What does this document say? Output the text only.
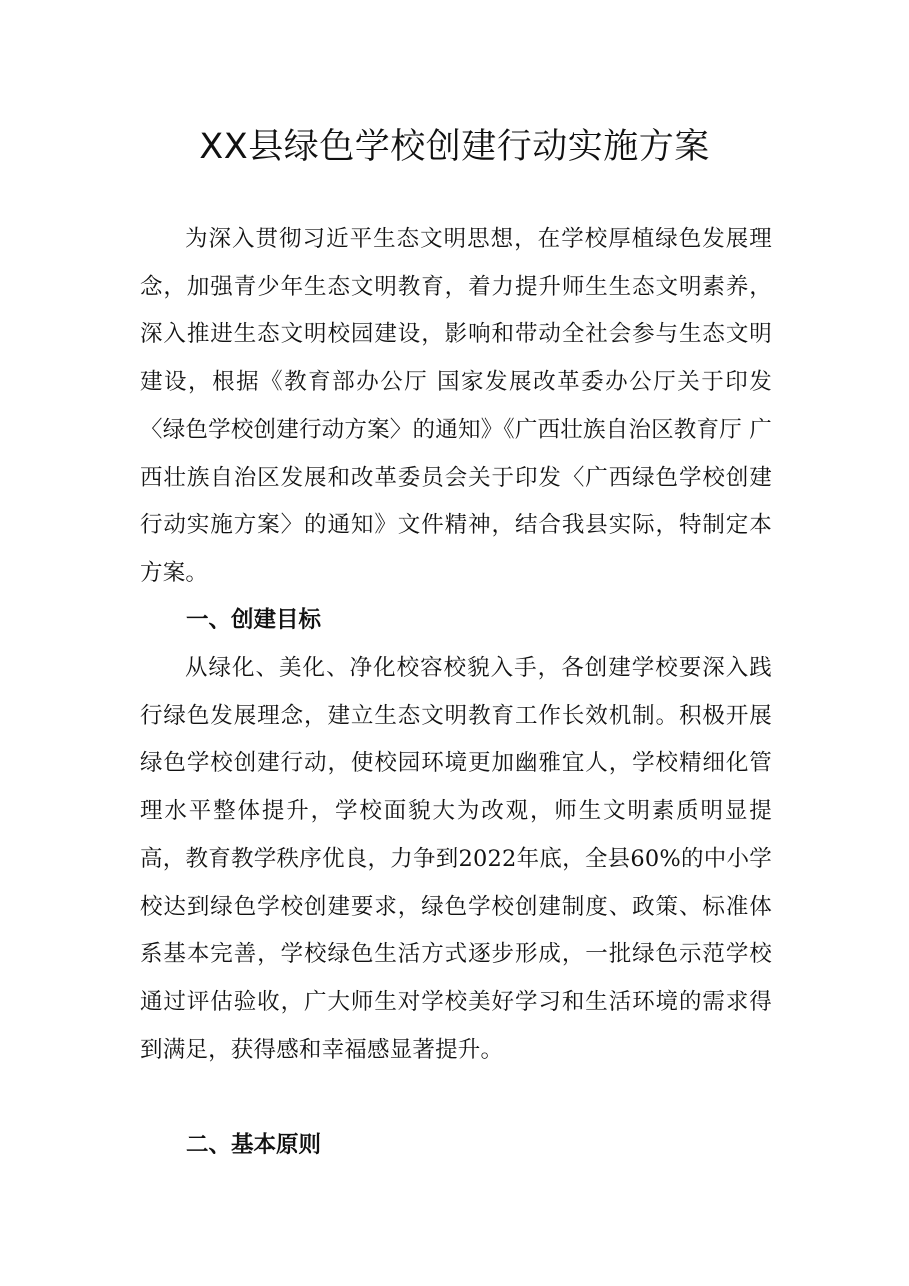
XX县绿色学校创建行动实施方案

为深入贯彻习近平生态文明思想，在学校厚植绿色发展理念，加强青少年生态文明教育，着力提升师生生态文明素养，深入推进生态文明校园建设，影响和带动全社会参与生态文明建设，根据《教育部办公厅 国家发展改革委办公厅关于印发〈绿色学校创建行动方案〉的通知》《广西壮族自治区教育厅 广西壮族自治区发展和改革委员会关于印发〈广西绿色学校创建行动实施方案〉的通知》文件精神，结合我县实际，特制定本方案。

一、创建目标

从绿化、美化、净化校容校貌入手，各创建学校要深入践行绿色发展理念，建立生态文明教育工作长效机制。积极开展绿色学校创建行动，使校园环境更加幽雅宜人，学校精细化管理水平整体提升，学校面貌大为改观，师生文明素质明显提高，教育教学秩序优良，力争到2022年底，全县60%的中小学校达到绿色学校创建要求，绿色学校创建制度、政策、标准体系基本完善，学校绿色生活方式逐步形成，一批绿色示范学校通过评估验收，广大师生对学校美好学习和生活环境的需求得到满足，获得感和幸福感显著提升。

二、基本原则
